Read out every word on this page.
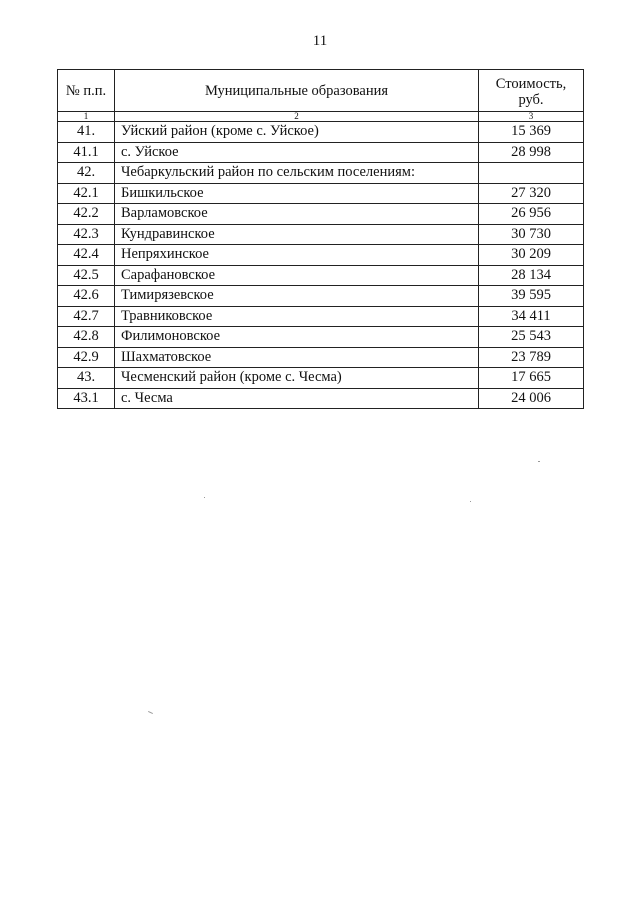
11
№ п.п.	Муниципальные образования	Стоимость,
руб.
1	2	3
41.	Уйский район (кроме с. Уйское)	15 369
41.1	с. Уйское	28 998
42.	Чебаркульский район по сельским поселениям:	
42.1	Бишкильское	27 320
42.2	Варламовское	26 956
42.3	Кундравинское	30 730
42.4	Непряхинское	30 209
42.5	Сарафановское	28 134
42.6	Тимирязевское	39 595
42.7	Травниковское	34 411
42.8	Филимоновское	25 543
42.9	Шахматовское	23 789
43.	Чесменский район (кроме с. Чесма)	17 665
43.1	с. Чесма	24 006
